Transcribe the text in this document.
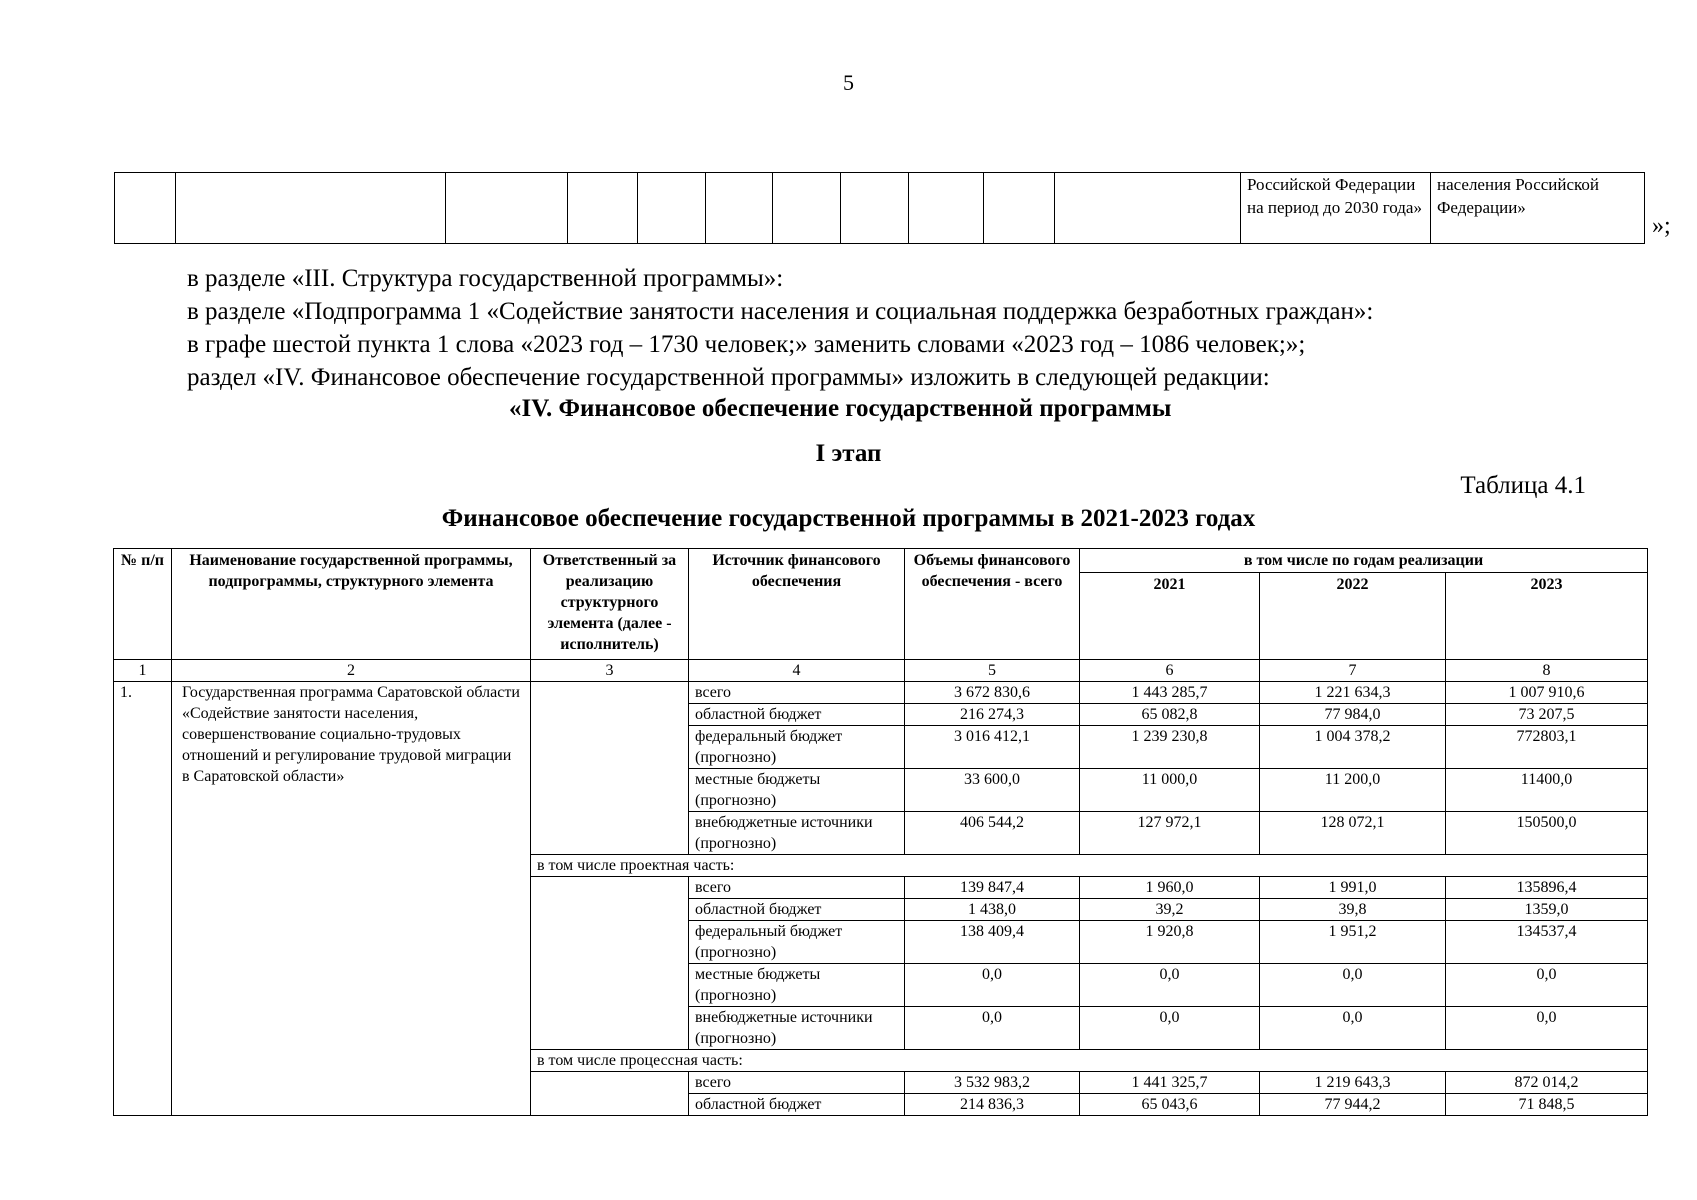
5
											Российской Федерации на период до 2030 года»	населения Российской Федерации»
»;
в разделе «III. Структура государственной программы»:
в разделе «Подпрограмма 1 «Содействие занятости населения и социальная поддержка безработных граждан»:
в графе шестой пункта 1 слова «2023 год – 1730 человек;» заменить словами «2023 год – 1086 человек;»;
раздел «IV. Финансовое обеспечение государственной программы» изложить в следующей редакции:
«IV. Финансовое обеспечение государственной программы
I этап
Таблица 4.1
Финансовое обеспечение государственной программы в 2021-2023 годах
№ п/п	Наименование государственной программы, подпрограммы, структурного элемента	Ответственный за реализацию структурного элемента (далее - исполнитель)	Источник финансового обеспечения	Объемы финансового обеспечения - всего	в том числе по годам реализации		
					2021	2022	2023
1	2	3	4	5	6	7	8
1.	Государственная программа Саратовской области «Содействие занятости населения, совершенствование социально-трудовых отношений и регулирование трудовой миграции в Саратовской области»		всего	3 672 830,6	1 443 285,7	1 221 634,3	1 007 910,6
			областной бюджет	216 274,3	65 082,8	77 984,0	73 207,5
			федеральный бюджет (прогнозно)	3 016 412,1	1 239 230,8	1 004 378,2	772803,1
			местные бюджеты (прогнозно)	33 600,0	11 000,0	11 200,0	11400,0
			внебюджетные источники (прогнозно)	406 544,2	127 972,1	128 072,1	150500,0
		в том числе проектная часть:					
			всего	139 847,4	1 960,0	1 991,0	135896,4
			областной бюджет	1 438,0	39,2	39,8	1359,0
			федеральный бюджет (прогнозно)	138 409,4	1 920,8	1 951,2	134537,4
			местные бюджеты (прогнозно)	0,0	0,0	0,0	0,0
			внебюджетные источники (прогнозно)	0,0	0,0	0,0	0,0
		в том числе процессная часть:					
			всего	3 532 983,2	1 441 325,7	1 219 643,3	872 014,2
			областной бюджет	214 836,3	65 043,6	77 944,2	71 848,5
